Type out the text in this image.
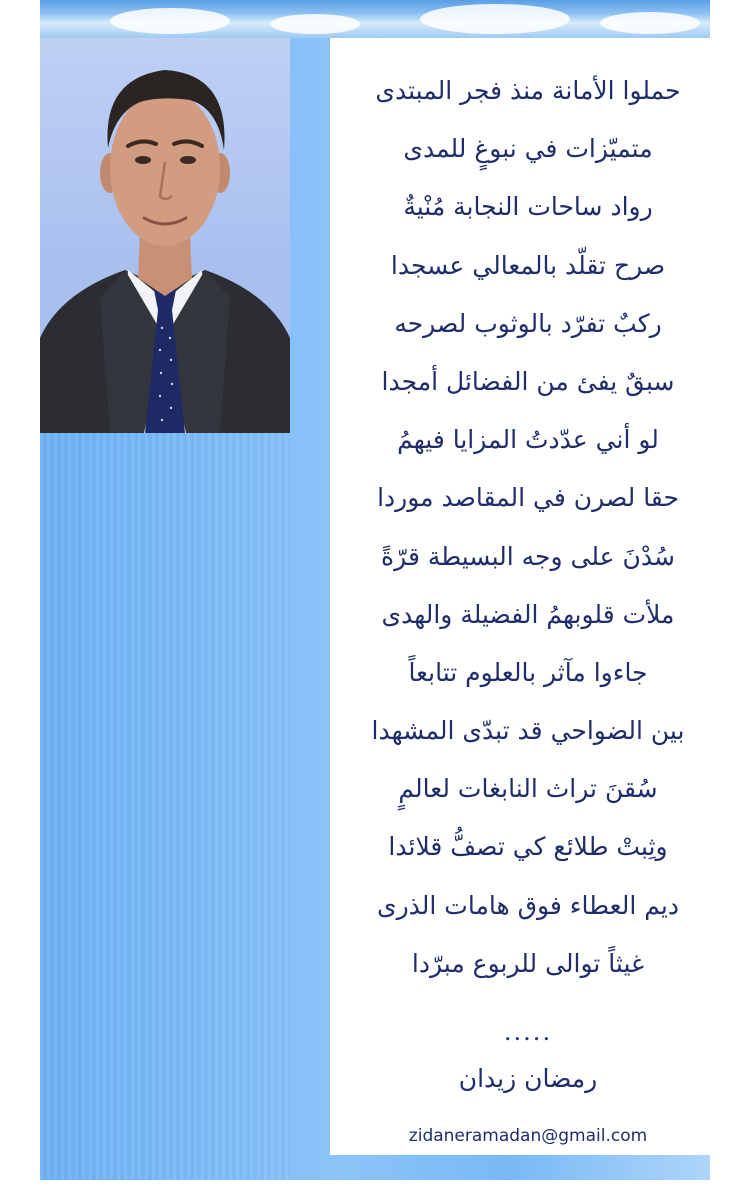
حملوا الأمانة منذ فجر المبتدى
متميّزات في نبوغٍ للمدى
رواد ساحات النجابة مُنْيةٌ
صرح تقلّد بالمعالي عسجدا
ركبٌ تفرّد بالوثوب لصرحه
سبقٌ يفئ من الفضائل أمجدا
لو أني عدّدتُ المزايا فيهمُ
حقا لصرن في المقاصد موردا
سُدْنَ على وجه البسيطة قرّةً
ملأت قلوبهمُ الفضيلة والهدى
جاءوا مآثر بالعلوم تتابعاً
بين الضواحي قد تبدّى المشهدا
سُقنَ تراث النابغات لعالمٍ
وثِبتْ طلائع كي تصفُّ قلائدا
ديم العطاء فوق هامات الذرى
غيثاً توالى للربوع مبرّدا
.....
رمضان زيدان
zidaneramadan@gmail.com
